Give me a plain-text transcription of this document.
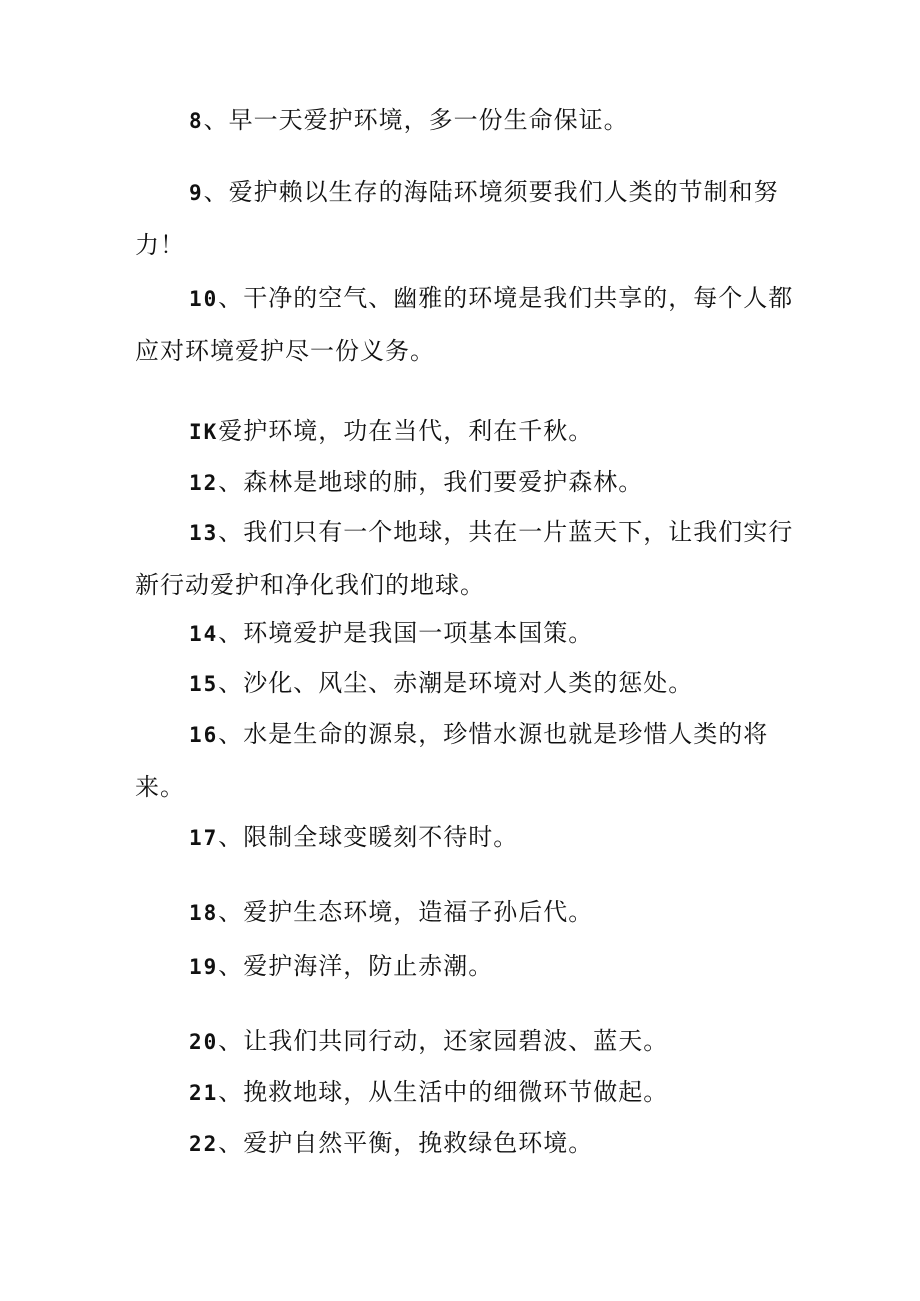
8、早一天爱护环境，多一份生命保证。
9、爱护赖以生存的海陆环境须要我们人类的节制和努力！
10、干净的空气、幽雅的环境是我们共享的，每个人都应对环境爱护尽一份义务。
IK爱护环境，功在当代，利在千秋。
12、森林是地球的肺，我们要爱护森林。
13、我们只有一个地球，共在一片蓝天下，让我们实行新行动爱护和净化我们的地球。
14、环境爱护是我国一项基本国策。
15、沙化、风尘、赤潮是环境对人类的惩处。
16、水是生命的源泉，珍惜水源也就是珍惜人类的将来。
17、限制全球变暖刻不待时。
18、爱护生态环境，造福子孙后代。
19、爱护海洋，防止赤潮。
20、让我们共同行动，还家园碧波、蓝天。
21、挽救地球，从生活中的细微环节做起。
22、爱护自然平衡，挽救绿色环境。
